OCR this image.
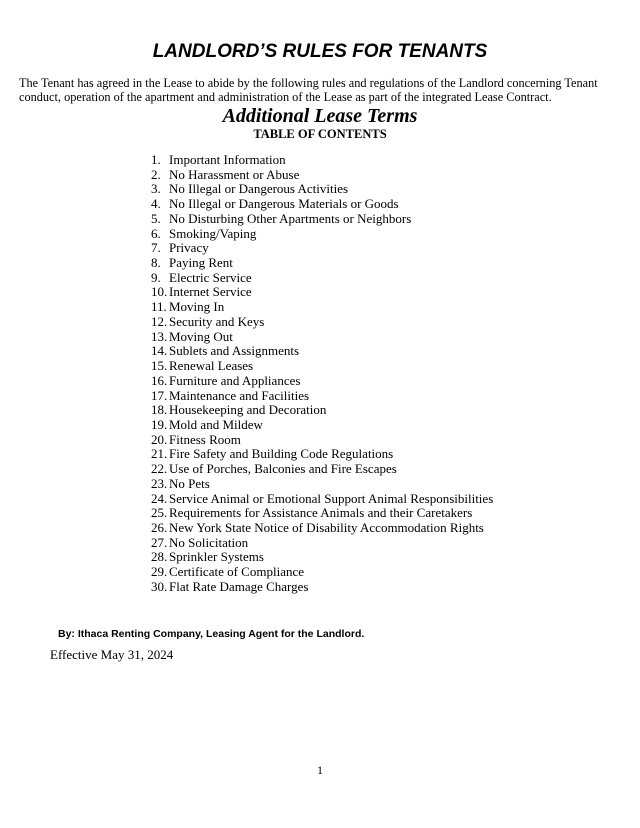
LANDLORD’S RULES FOR TENANTS

The Tenant has agreed in the Lease to abide by the following rules and regulations of the Landlord concerning Tenant conduct, operation of the apartment and administration of the Lease as part of the integrated Lease Contract.

Additional Lease Terms
TABLE OF CONTENTS
1. Important Information
2. No Harassment or Abuse
3. No Illegal or Dangerous Activities
4. No Illegal or Dangerous Materials or Goods
5. No Disturbing Other Apartments or Neighbors
6. Smoking/Vaping
7. Privacy
8. Paying Rent
9. Electric Service
10. Internet Service
11. Moving In
12. Security and Keys
13. Moving Out
14. Sublets and Assignments
15. Renewal Leases
16. Furniture and Appliances
17. Maintenance and Facilities
18. Housekeeping and Decoration
19. Mold and Mildew
20. Fitness Room
21. Fire Safety and Building Code Regulations
22. Use of Porches, Balconies and Fire Escapes
23. No Pets
24. Service Animal or Emotional Support Animal Responsibilities
25. Requirements for Assistance Animals and their Caretakers
26. New York State Notice of Disability Accommodation Rights
27. No Solicitation
28. Sprinkler Systems
29. Certificate of Compliance
30. Flat Rate Damage Charges
By: Ithaca Renting Company, Leasing Agent for the Landlord.
Effective May 31, 2024
1
